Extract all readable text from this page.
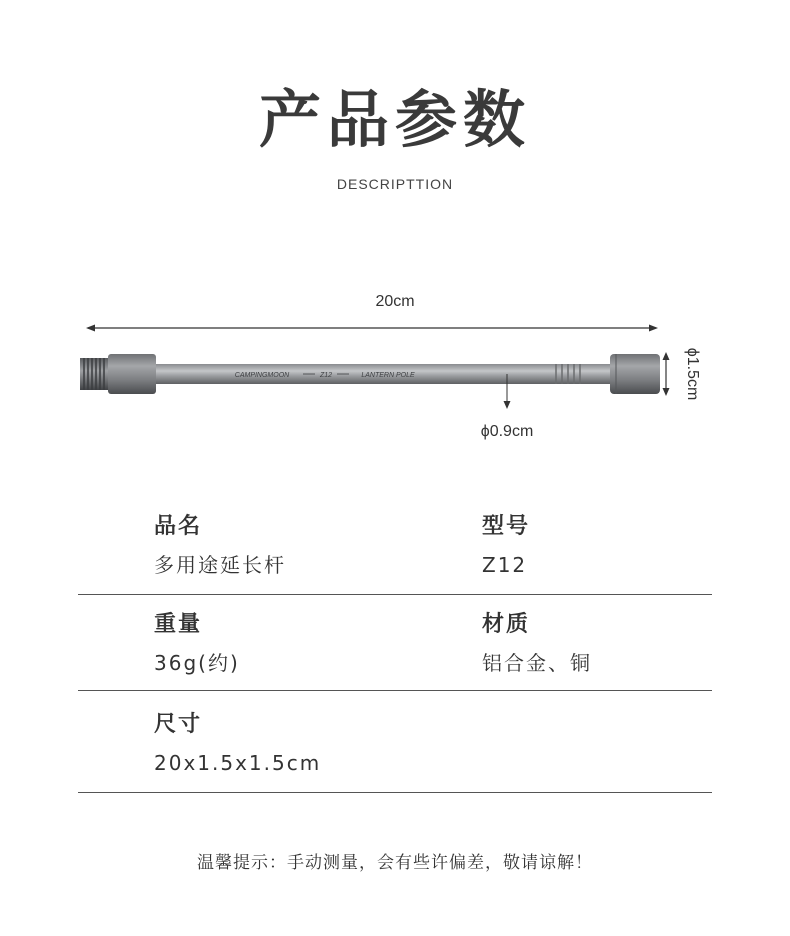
产品参数
DESCRIPTTION
20cm
ϕ1.5cm
CAMPINGMOON	Z12	LANTERN POLE
ϕ0.9cm
品名
多用途延长杆
型号
Z12
重量
36g(约)
材质
铝合金、铜
尺寸
20x1.5x1.5cm
温馨提示：手动测量，会有些许偏差，敬请谅解！
